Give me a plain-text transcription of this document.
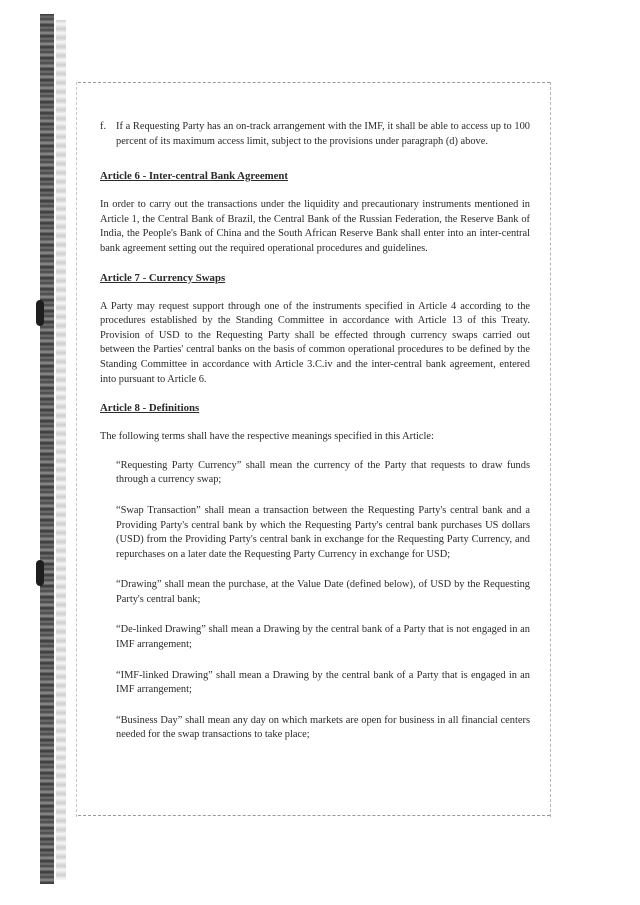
f. If a Requesting Party has an on-track arrangement with the IMF, it shall be able to access up to 100 percent of its maximum access limit, subject to the provisions under paragraph (d) above.
Article 6 - Inter-central Bank Agreement

In order to carry out the transactions under the liquidity and precautionary instruments mentioned in Article 1, the Central Bank of Brazil, the Central Bank of the Russian Federation, the Reserve Bank of India, the People's Bank of China and the South African Reserve Bank shall enter into an inter-central bank agreement setting out the required operational procedures and guidelines.

Article 7 - Currency Swaps

A Party may request support through one of the instruments specified in Article 4 according to the procedures established by the Standing Committee in accordance with Article 13 of this Treaty. Provision of USD to the Requesting Party shall be effected through currency swaps carried out between the Parties' central banks on the basis of common operational procedures to be defined by the Standing Committee in accordance with Article 3.C.iv and the inter-central bank agreement, entered into pursuant to Article 6.

Article 8 - Definitions

The following terms shall have the respective meanings specified in this Article:

“Requesting Party Currency” shall mean the currency of the Party that requests to draw funds through a currency swap;

“Swap Transaction” shall mean a transaction between the Requesting Party's central bank and a Providing Party's central bank by which the Requesting Party's central bank purchases US dollars (USD) from the Providing Party's central bank in exchange for the Requesting Party Currency, and repurchases on a later date the Requesting Party Currency in exchange for USD;

“Drawing” shall mean the purchase, at the Value Date (defined below), of USD by the Requesting Party's central bank;

“De-linked Drawing” shall mean a Drawing by the central bank of a Party that is not engaged in an IMF arrangement;

“IMF-linked Drawing” shall mean a Drawing by the central bank of a Party that is engaged in an IMF arrangement;

“Business Day” shall mean any day on which markets are open for business in all financial centers needed for the swap transactions to take place;
